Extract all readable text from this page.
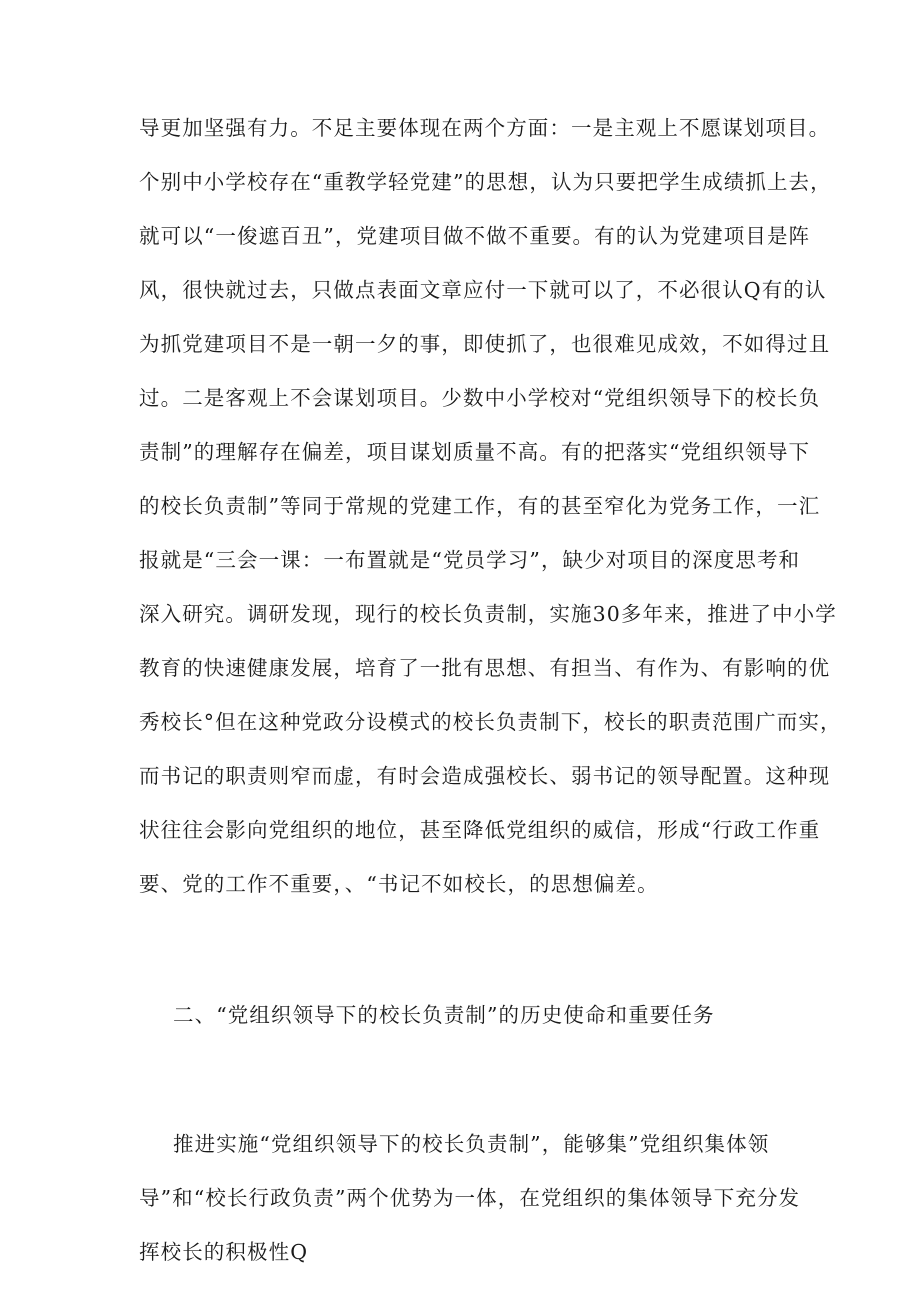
导更加坚强有力。不足主要体现在两个方面：一是主观上不愿谋划项目。
个别中小学校存在“重教学轻党建”的思想，认为只要把学生成绩抓上去，
就可以“一俊遮百丑”，党建项目做不做不重要。有的认为党建项目是阵
风，很快就过去，只做点表面文章应付一下就可以了，不必很认Q有的认
为抓党建项目不是一朝一夕的事，即使抓了，也很难见成效，不如得过且
过。二是客观上不会谋划项目。少数中小学校对“党组织领导下的校长负
责制”的理解存在偏差，项目谋划质量不高。有的把落实“党组织领导下
的校长负责制”等同于常规的党建工作，有的甚至窄化为党务工作，一汇
报就是“三会一课：一布置就是“党员学习”，缺少对项目的深度思考和
深入研究。调研发现，现行的校长负责制，实施30多年来，推进了中小学
教育的快速健康发展，培育了一批有思想、有担当、有作为、有影响的优
秀校长°但在这种党政分设模式的校长负责制下，校长的职责范围广而实，
而书记的职责则窄而虚，有时会造成强校长、弱书记的领导配置。这种现
状往往会影向党组织的地位，甚至降低党组织的威信，形成“行政工作重
要、党的工作不重要，、“书记不如校长，的思想偏差。
二、“党组织领导下的校长负责制”的历史使命和重要任务
推进实施“党组织领导下的校长负责制”，能够集”党组织集体领
导”和“校长行政负责”两个优势为一体，在党组织的集体领导下充分发
挥校长的积极性Q
